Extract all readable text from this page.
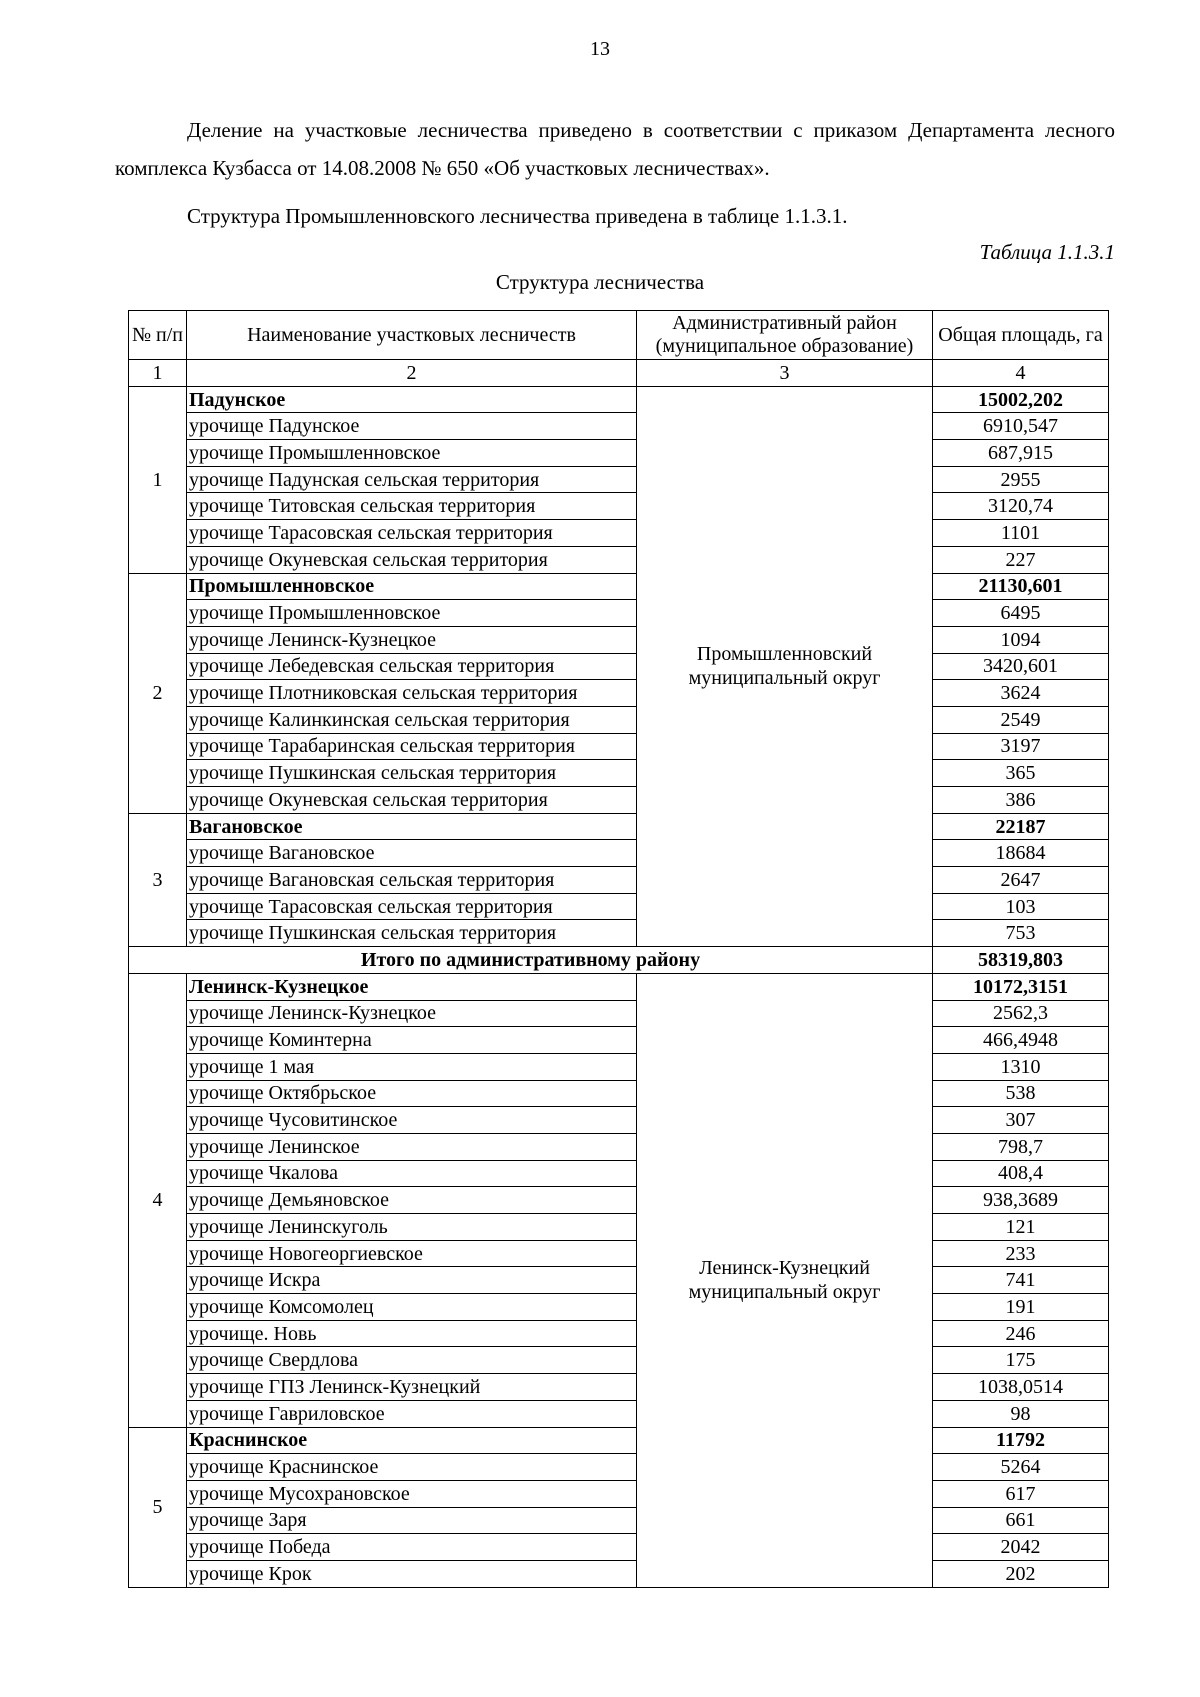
13
Деление на участковые лесничества приведено в соответствии с приказом Департамента лесного комплекса Кузбасса от 14.08.2008 № 650 «Об участковых лесничествах».
Структура Промышленновского лесничества приведена в таблице 1.1.3.1.
Таблица 1.1.3.1
Структура лесничества
№ п/п	Наименование участковых лесничеств	Административный район (муниципальное образование)	Общая площадь, га
1	2	3	4
1	Падунское	Промышленновский муниципальный округ	15002,202
	урочище Падунское		6910,547
	урочище Промышленновское		687,915
	урочище Падунская сельская территория		2955
	урочище Титовская сельская территория		3120,74
	урочище Тарасовская сельская территория		1101
	урочище Окуневская сельская территория		227
2	Промышленновское		21130,601
	урочище Промышленновское		6495
	урочище Ленинск-Кузнецкое		1094
	урочище Лебедевская сельская территория		3420,601
	урочище Плотниковская сельская территория		3624
	урочище Калинкинская сельская территория		2549
	урочище Тарабаринская сельская территория		3197
	урочище Пушкинская сельская территория		365
	урочище Окуневская сельская территория		386
3	Вагановское		22187
	урочище Вагановское		18684
	урочище Вагановская сельская территория		2647
	урочище Тарасовская сельская территория		103
	урочище Пушкинская сельская территория		753
Итого по административному району			58319,803
4	Ленинск-Кузнецкое	Ленинск-Кузнецкий муниципальный округ	10172,3151
	урочище Ленинск-Кузнецкое		2562,3
	урочище Коминтерна		466,4948
	урочище 1 мая		1310
	урочище Октябрьское		538
	урочище Чусовитинское		307
	урочище Ленинское		798,7
	урочище Чкалова		408,4
	урочище Демьяновское		938,3689
	урочище Ленинскуголь		121
	урочище Новогеоргиевское		233
	урочище Искра		741
	урочище Комсомолец		191
	урочище. Новь		246
	урочище Свердлова		175
	урочище ГПЗ Ленинск-Кузнецкий		1038,0514
	урочище Гавриловское		98
5	Краснинское		11792
	урочище Краснинское		5264
	урочище Мусохрановское		617
	урочище Заря		661
	урочище Победа		2042
	урочище Крок		202
